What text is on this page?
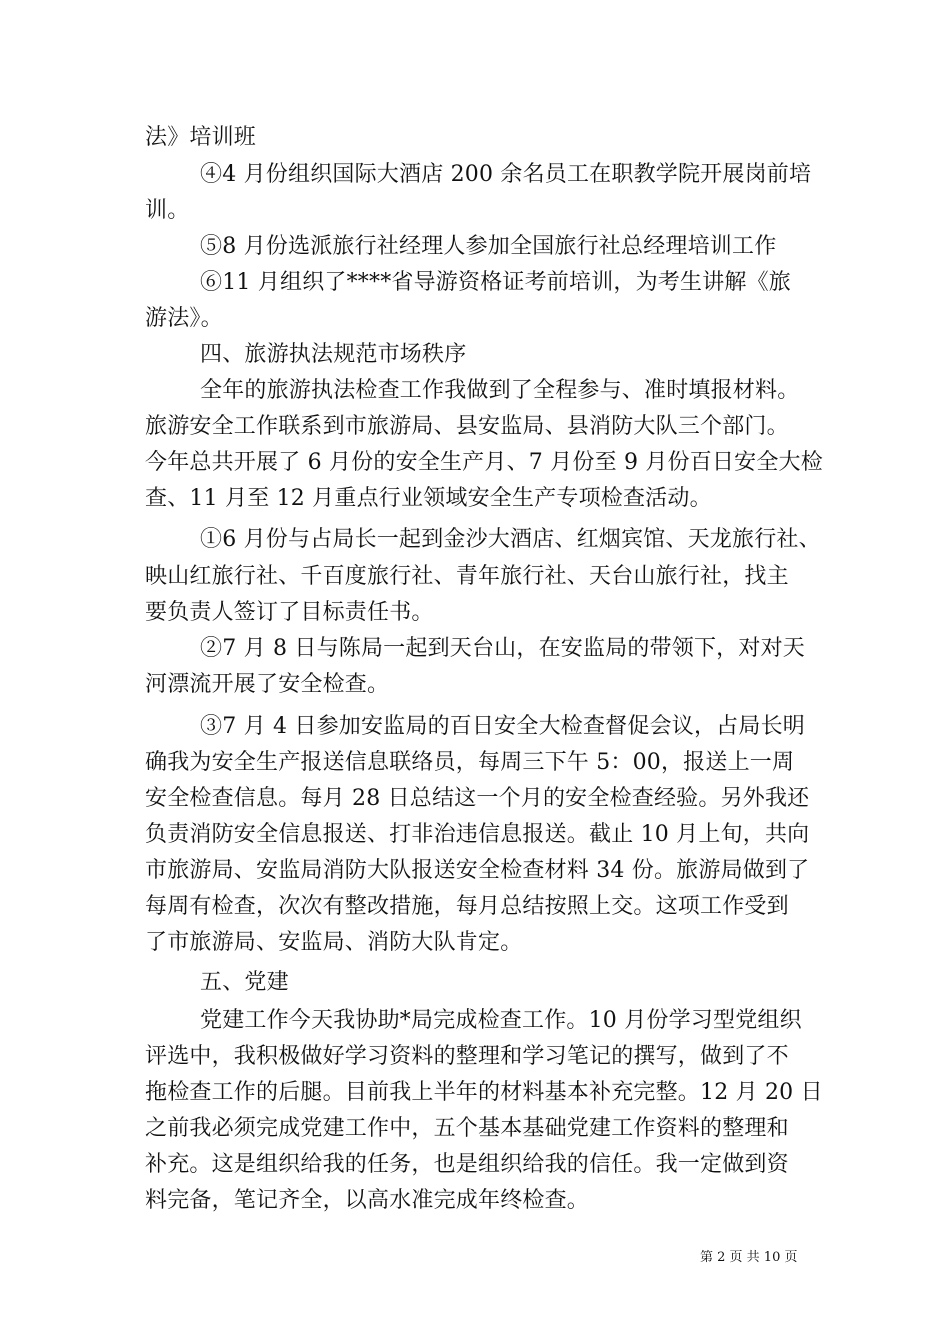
法》培训班
④4 月份组织国际大酒店 200 余名员工在职教学院开展岗前培
训。
⑤8 月份选派旅行社经理人参加全国旅行社总经理培训工作
⑥11 月组织了****省导游资格证考前培训，为考生讲解《旅
游法》。
四、旅游执法规范市场秩序
全年的旅游执法检查工作我做到了全程参与、准时填报材料。
旅游安全工作联系到市旅游局、县安监局、县消防大队三个部门。
今年总共开展了 6 月份的安全生产月、7 月份至 9 月份百日安全大检
查、11 月至 12 月重点行业领域安全生产专项检查活动。
①6 月份与占局长一起到金沙大酒店、红烟宾馆、天龙旅行社、
映山红旅行社、千百度旅行社、青年旅行社、天台山旅行社，找主
要负责人签订了目标责任书。
②7 月 8 日与陈局一起到天台山，在安监局的带领下，对对天
河漂流开展了安全检查。
③7 月 4 日参加安监局的百日安全大检查督促会议，占局长明
确我为安全生产报送信息联络员，每周三下午 5：00，报送上一周
安全检查信息。每月 28 日总结这一个月的安全检查经验。另外我还
负责消防安全信息报送、打非治违信息报送。截止 10 月上旬，共向
市旅游局、安监局消防大队报送安全检查材料 34 份。旅游局做到了
每周有检查，次次有整改措施，每月总结按照上交。这项工作受到
了市旅游局、安监局、消防大队肯定。
五、党建
党建工作今天我协助*局完成检查工作。10 月份学习型党组织
评选中，我积极做好学习资料的整理和学习笔记的撰写，做到了不
拖检查工作的后腿。目前我上半年的材料基本补充完整。12 月 20 日
之前我必须完成党建工作中，五个基本基础党建工作资料的整理和
补充。这是组织给我的任务，也是组织给我的信任。我一定做到资
料完备，笔记齐全，以高水准完成年终检查。
第 2 页 共 10 页
